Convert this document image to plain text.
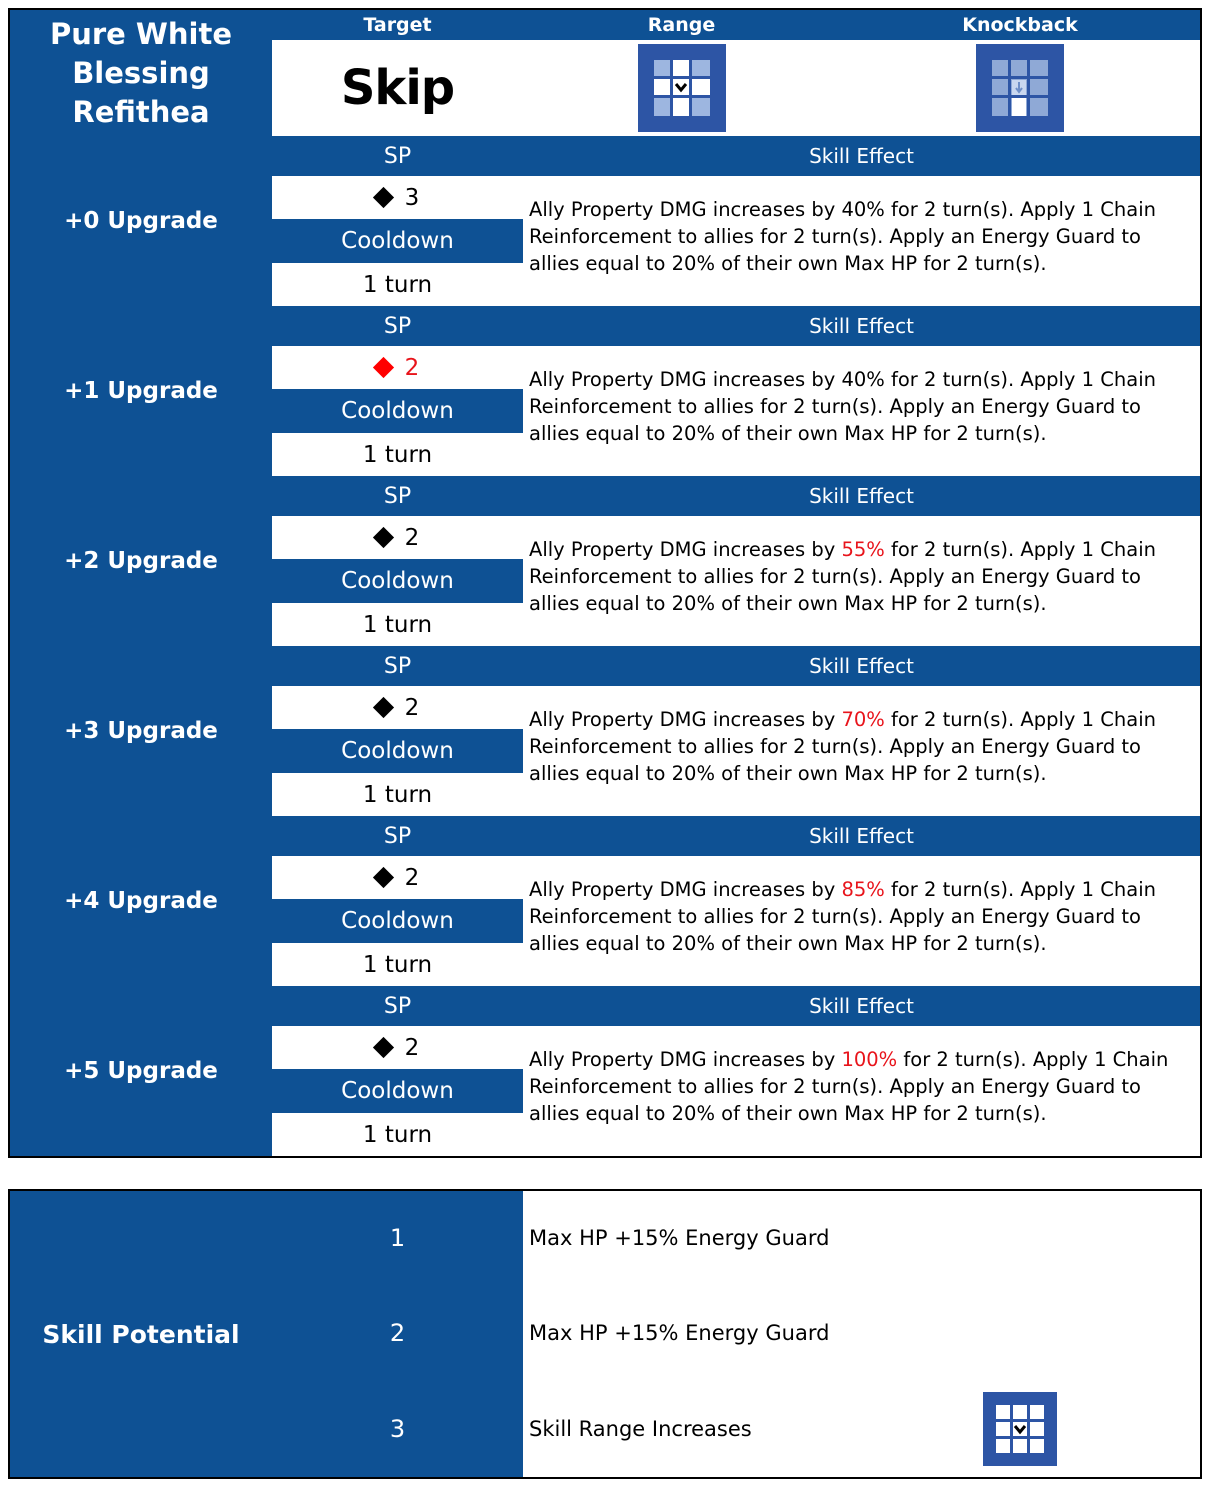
Pure White Blessing Refithea
Target	Range	Knockback
Skip
+0 Upgrade
SP
3
Cooldown
1 turn
Skill Effect
Ally Property DMG increases by 40% for 2 turn(s). Apply 1 Chain Reinforcement to allies for 2 turn(s). Apply an Energy Guard to allies equal to 20% of their own Max HP for 2 turn(s).
+1 Upgrade
SP
2
Cooldown
1 turn
Skill Effect
Ally Property DMG increases by 40% for 2 turn(s). Apply 1 Chain Reinforcement to allies for 2 turn(s). Apply an Energy Guard to allies equal to 20% of their own Max HP for 2 turn(s).
+2 Upgrade
SP
2
Cooldown
1 turn
Skill Effect
Ally Property DMG increases by 55% for 2 turn(s). Apply 1 Chain Reinforcement to allies for 2 turn(s). Apply an Energy Guard to allies equal to 20% of their own Max HP for 2 turn(s).
+3 Upgrade
SP
2
Cooldown
1 turn
Skill Effect
Ally Property DMG increases by 70% for 2 turn(s). Apply 1 Chain Reinforcement to allies for 2 turn(s). Apply an Energy Guard to allies equal to 20% of their own Max HP for 2 turn(s).
+4 Upgrade
SP
2
Cooldown
1 turn
Skill Effect
Ally Property DMG increases by 85% for 2 turn(s). Apply 1 Chain Reinforcement to allies for 2 turn(s). Apply an Energy Guard to allies equal to 20% of their own Max HP for 2 turn(s).
+5 Upgrade
SP
2
Cooldown
1 turn
Skill Effect
Ally Property DMG increases by 100% for 2 turn(s). Apply 1 Chain Reinforcement to allies for 2 turn(s). Apply an Energy Guard to allies equal to 20% of their own Max HP for 2 turn(s).
Skill Potential
1	Max HP +15% Energy Guard
2	Max HP +15% Energy Guard
3	Skill Range Increases
